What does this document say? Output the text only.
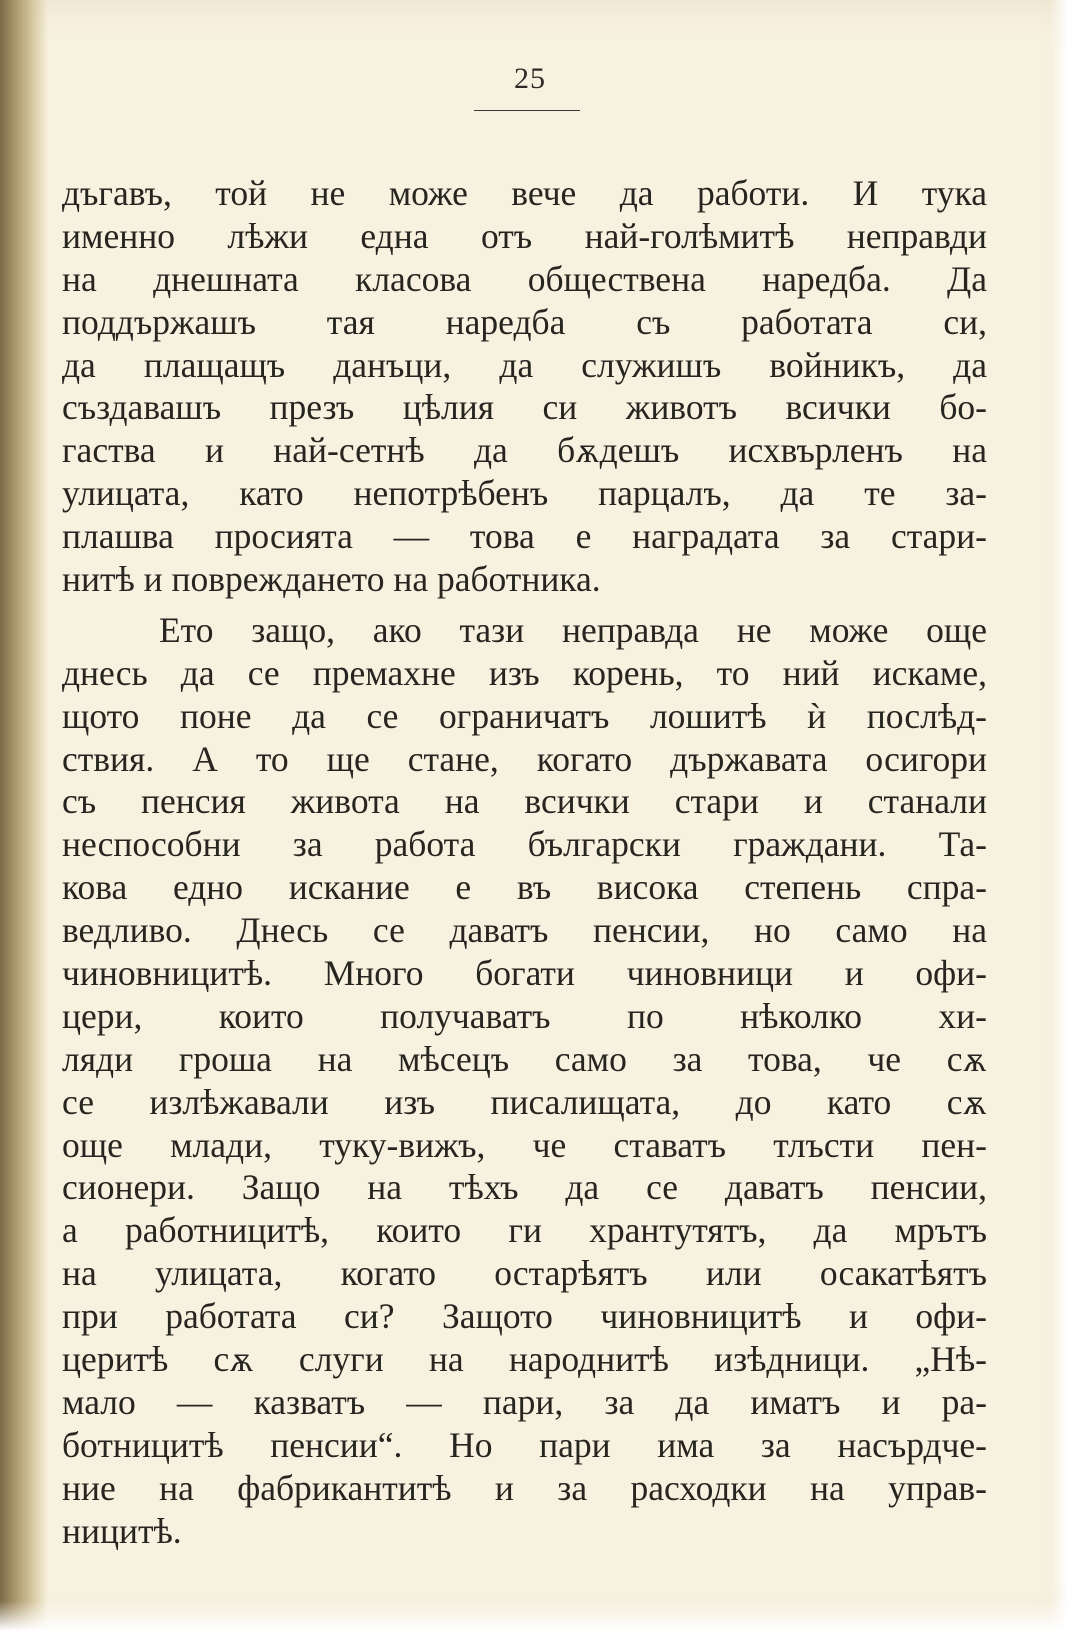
25
дъгавъ, той не може вече да работи. И тука
именно лѣжи една отъ най-голѣмитѣ неправди
на днешната класова обществена наредба. Да
поддържашъ тая наредба съ работата си,
да плащащъ данъци, да служишъ войникъ, да
създавашъ презъ цѣлия си животъ всички бо-
гаства и най-сетнѣ да бѫдешъ исхвърленъ на
улицата, като непотрѣбенъ парцалъ, да те за-
плашва просията — това е наградата за стари-
нитѣ и повреждането на работника.
Ето защо, ако тази неправда не може още
днесь да се премахне изъ корень, то ний искаме,
щото поне да се ограничатъ лошитѣ ѝ послѣд-
ствия. А то ще стане, когато държавата осигори
съ пенсия живота на всички стари и станали
неспособни за работа български граждани. Та-
кова едно искание е въ висока степень спра-
ведливо. Днесь се даватъ пенсии, но само на
чиновницитѣ. Много богати чиновници и офи-
цери, които получаватъ по нѣколко хи-
ляди гроша на мѣсецъ само за това, че сѫ
се излѣжавали изъ писалищата, до като сѫ
още млади, туку-вижъ, че ставатъ тлъсти пен-
сионери. Защо на тѣхъ да се даватъ пенсии,
а работницитѣ, които ги хрантутятъ, да мрътъ
на улицата, когато остарѣятъ или осакатѣятъ
при работата си? Защото чиновницитѣ и офи-
церитѣ сѫ слуги на народнитѣ изѣдници. „Нѣ-
мало — казватъ — пари, за да иматъ и ра-
ботницитѣ пенсии“. Но пари има за насърдче-
ние на фабрикантитѣ и за расходки на управ-
ницитѣ.
